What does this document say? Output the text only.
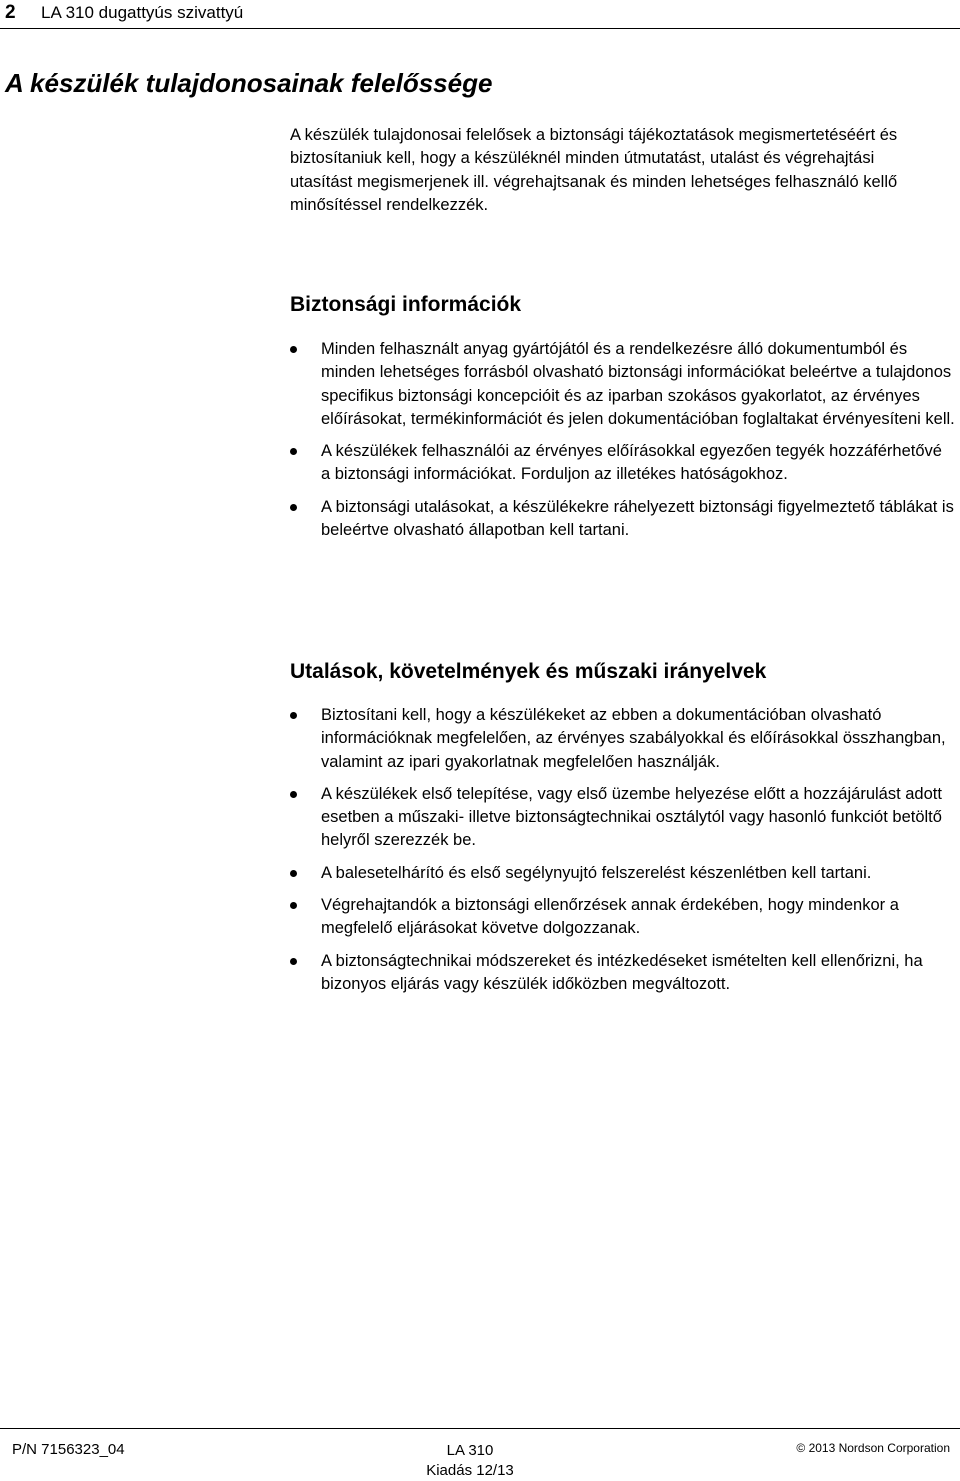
2 LA 310 dugattyús szivattyú
A készülék tulajdonosainak felelőssége

A készülék tulajdonosai felelősek a biztonsági tájékoztatások megismertetéséért és biztosítaniuk kell, hogy a készüléknél minden útmutatást, utalást és végrehajtási utasítást megismerjenek ill. végrehajtsanak és minden lehetséges felhasználó kellő minősítéssel rendelkezzék.

Biztonsági információk
Minden felhasznált anyag gyártójától és a rendelkezésre álló dokumentumból és minden lehetséges forrásból olvasható biztonsági információkat beleértve a tulajdonos specifikus biztonsági koncepcióit és az iparban szokásos gyakorlatot, az érvényes előírásokat, termékinformációt és jelen dokumentációban foglaltakat érvényesíteni kell.
A készülékek felhasználói az érvényes előírásokkal egyezően tegyék hozzáférhetővé a biztonsági információkat. Forduljon az illetékes hatóságokhoz.
A biztonsági utalásokat, a készülékekre ráhelyezett biztonsági figyelmeztető táblákat is beleértve olvasható állapotban kell tartani.
Utalások, követelmények és műszaki irányelvek
Biztosítani kell, hogy a készülékeket az ebben a dokumentációban olvasható információknak megfelelően, az érvényes szabályokkal és előírásokkal összhangban, valamint az ipari gyakorlatnak megfelelően használják.
A készülékek első telepítése, vagy első üzembe helyezése előtt a hozzájárulást adott esetben a műszaki- illetve biztonságtechnikai osztálytól vagy hasonló funkciót betöltő helyről szerezzék be.
A balesetelhárító és első segélynyujtó felszerelést készenlétben kell tartani.
Végrehajtandók a biztonsági ellenőrzések annak érdekében, hogy mindenkor a megfelelő eljárásokat követve dolgozzanak.
A biztonságtechnikai módszereket és intézkedéseket ismételten kell ellenőrizni, ha bizonyos eljárás vagy készülék időközben megváltozott.
P/N 7156323_04	LA 310
Kiadás 12/13
© 2013 Nordson Corporation
